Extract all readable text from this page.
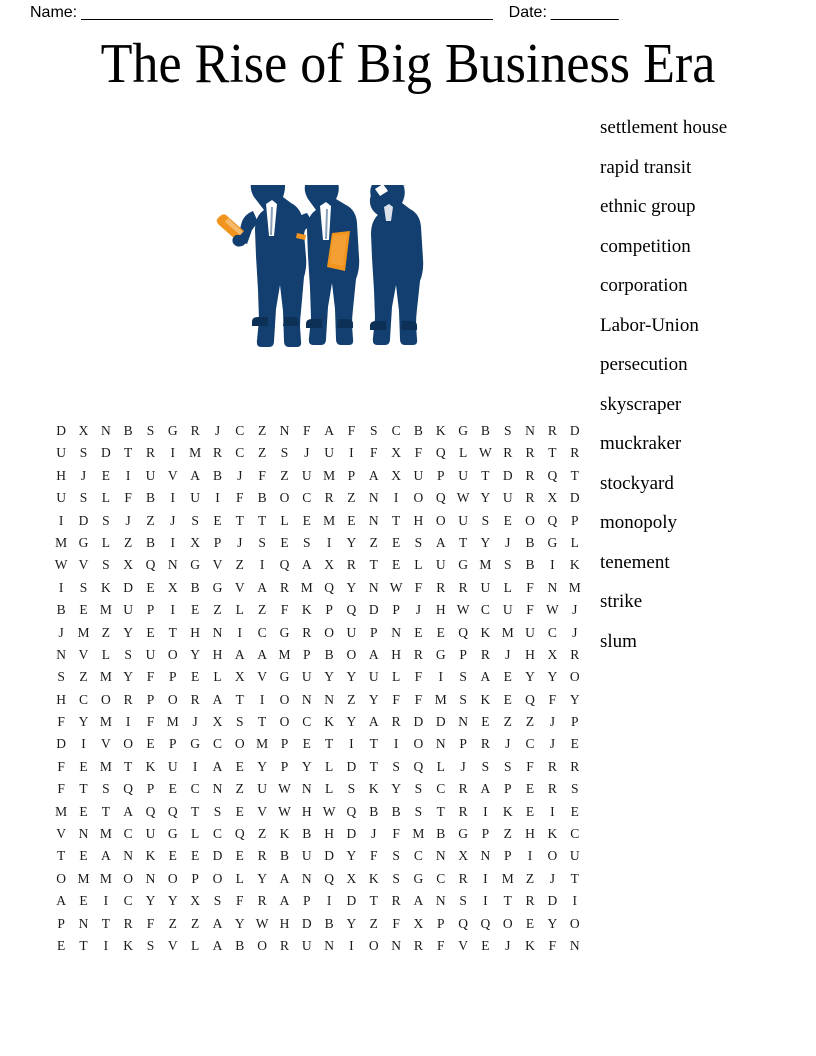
Name: _________________________________________________ Date: ________
The Rise of Big Business Era
settlement house
rapid transit
ethnic group
competition
corporation
Labor-Union
persecution
skyscraper
muckraker
stockyard
monopoly
tenement
strike
slum
D X N B	S	G R	J	C	Z N	F	A	F	S	C B K G B	S	N R D
U	S	D T	R	I	M R C	Z	S	J	U	I	F	X	F	Q L W R R	T	R
H	J	E	I	U V A B	J	F	Z U M P	A X U	P	U T D R Q T
U	S	L	F	B	I	U	I	F	B O C R	Z N	I	O Q W Y U R X D
I	D	S	J	Z	J	S	E	T	T	L	E M E N T H O U	S	E O Q	P
M G L	Z	B	I	X	P	J	S	E	S	I	Y Z	E	S	A T Y	J	B G L
W V	S	X Q N G V Z	I	Q A X R	T	E	L U G M S	B	I	K
I	S	K D E X B G V A R M Q Y N W F	R R U L	F	N M
B	E M U	P	I	E	Z	L	Z	F	K	P	Q D	P	J	H W C U	F W J
J	M Z Y E	T H N	I	C G R O U	P	N E	E Q K M U C	J
N V L	S	U O Y H A A M P	B O A H R G	P	R	J	H X R
S	Z M Y	F	P	E	L X V G U Y Y U L	F	I	S	A E Y Y O
H C O R	P	O R A T	I	O N N Z Y	F	F M S	K E Q	F	Y
F	Y M	I	F M	J	X	S	T O C K Y A R D D N E	Z	Z	J	P
D	I	V O E	P	G C O M P	E	T	I	T	I	O N	P	R	J	C	J	E
F	E M T K U	I	A E Y	P	Y L D T	S	Q L	J	S	S	F	R R
F	T	S	Q	P	E	C N Z U W N L	S	K Y	S	C R A	P	E	R	S
M E	T A Q Q T	S	E V W H W Q B B	S	T	R	I	K E	I	E
V N M C U G L	C Q Z K B H D	J	F M B G	P	Z H K C
T	E A N K E	E D E	R B U D Y	F	S	C N X N	P	I	O U
O M M O N O	P	O L Y A N Q X K	S	G C R	I	M Z	J	T
A E	I	C Y Y X	S	F	R A	P	I	D T	R A N	S	I	T	R D	I
P	N T	R	F	Z	Z A Y W H D B Y Z	F	X	P	Q Q O E Y O
E	T	I	K	S	V L A B O R U N	I	O N R	F	V E	J	K	F	N
